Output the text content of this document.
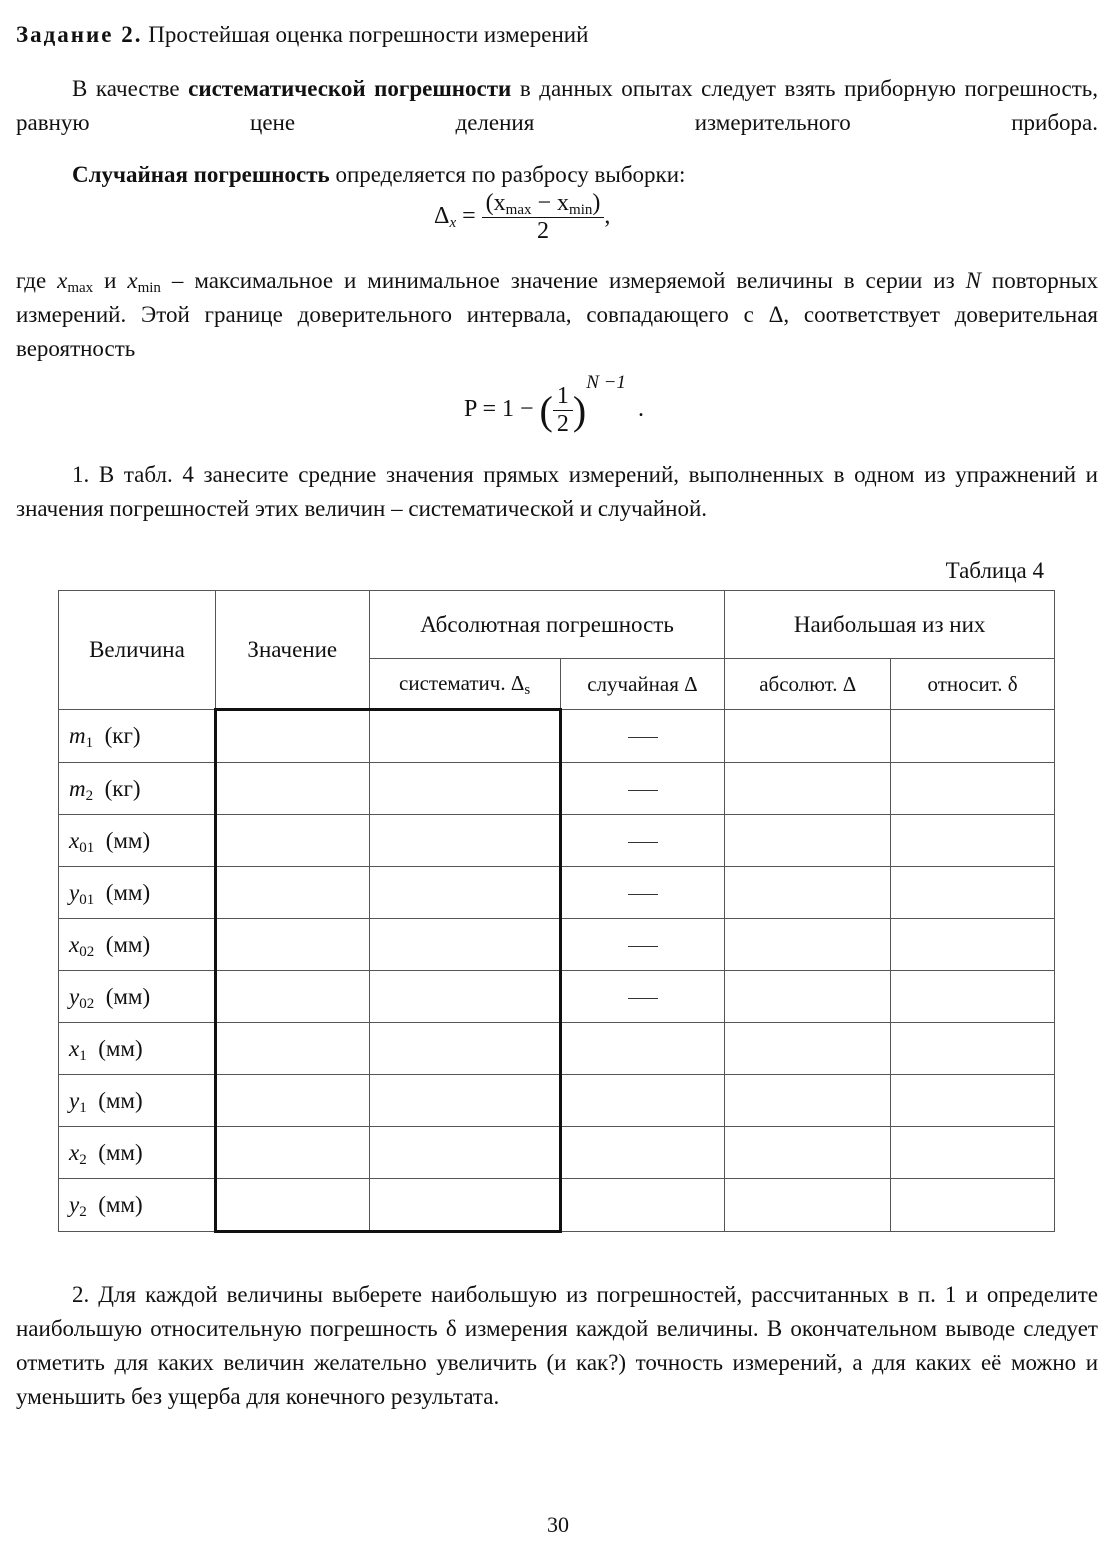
Задание 2. Простейшая оценка погрешности измерений

В качестве систематической погрешности в данных опытах следует взять приборную погрешность, равную цене деления измерительного прибора.

Случайная погрешность определяется по разбросу выборки:

$\Delta_x = \frac{(x_{max} - x_{min})}{2}$ ,

где $x_{max}$ и $x_{min}$ – максимальное и минимальное значение измеряемой величины в серии из N повторных измерений. Этой границе доверительного интервала, совпадающего с Δ, соответствует доверительная вероятность

P = 1 − ( $\frac{1}{2} )^{N -1}$ .

1. В табл. 4 занесите средние значения прямых измерений, выполненных в одном из упражнений и значения погрешностей этих величин – систематической и случайной.

Таблица 4
Величина	Значение	Абсолютная погрешность		Наибольшая из них	
		систематич. $\Delta_s$	случайная Δ	абсолют. Δ	относит. δ
$m_1$ (кг)					
$m_2$ (кг)					
$x_{01}$ (мм)					
$y_{01}$ (мм)					
$x_{02}$ (мм)					
$y_{02}$ (мм)					
$x_1$ (мм)					
$y_1$ (мм)					
$x_2$ (мм)					
$y_2$ (мм)					

2. Для каждой величины выберете наибольшую из погрешностей, рассчитанных в п. 1 и определите наибольшую относительную погрешность δ измерения каждой величины. В окончательном выводе следует отметить для каких величин желательно увеличить (и как?) точность измерений, а для каких её можно и уменьшить без ущерба для конечного результата.

30
